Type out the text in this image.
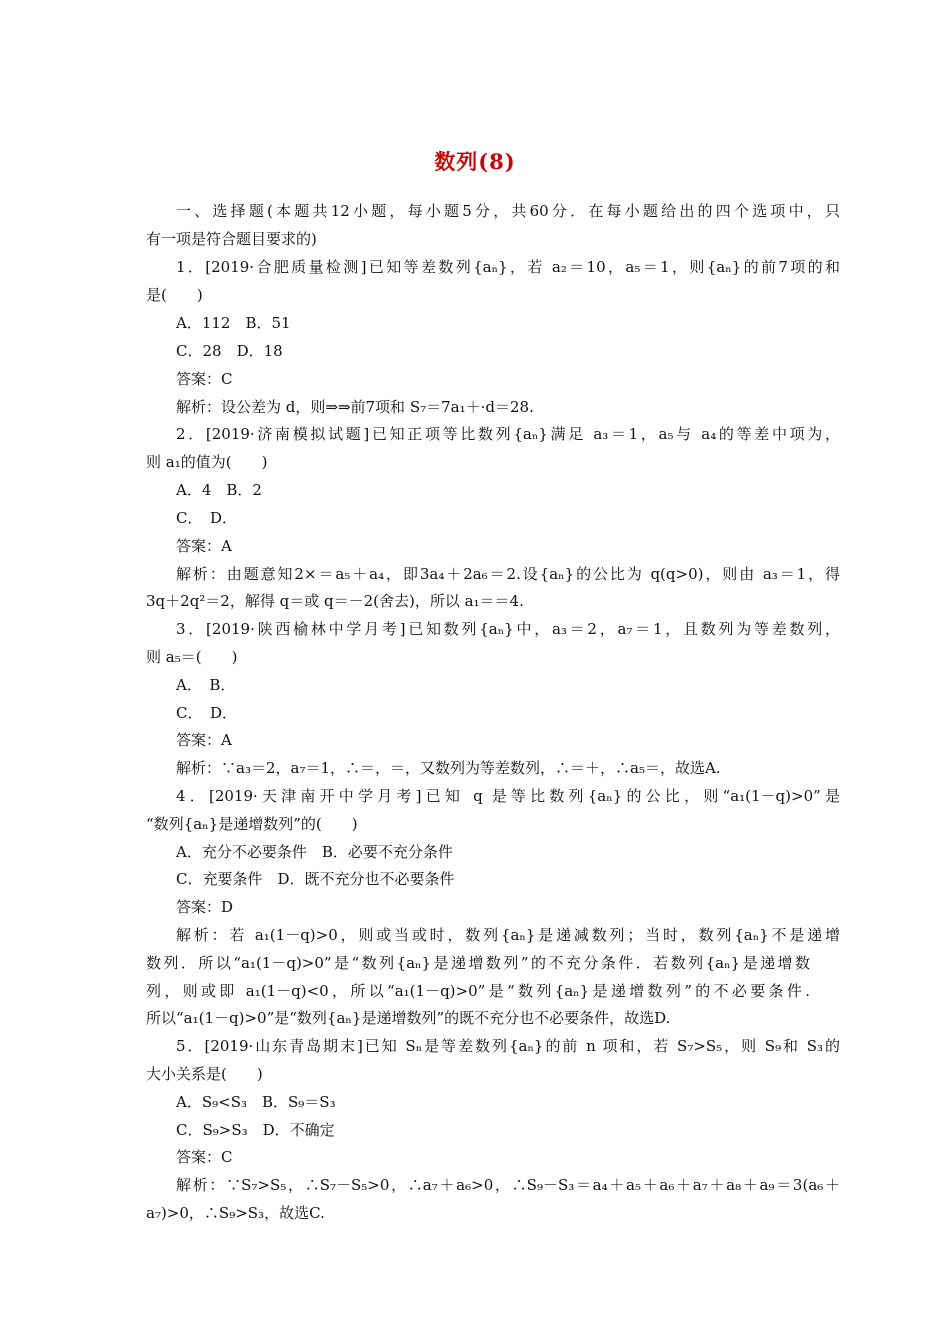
数列(8)
一、选择题(本题共12小题，每小题5分，共60分．在每小题给出的四个选项中，只
有一项是符合题目要求的)
1．[2019·合肥质量检测]已知等差数列{aₙ}，若 a₂＝10，a₅＝1，则{aₙ}的前7项的和
是(　　)
A．112　B．51
C．28　D．18
答案：C
解析：设公差为 d，则⇒⇒前7项和 S₇＝7a₁＋·d＝28.
2．[2019·济南模拟试题]已知正项等比数列{aₙ}满足 a₃＝1，a₅与 a₄的等差中项为，
则 a₁的值为(　　)
A．4　B．2
C．　D．
答案：A
解析：由题意知2×＝a₅＋a₄，即3a₄＋2a₆＝2.设{aₙ}的公比为 q(q>0)，则由 a₃＝1，得
3q＋2q²＝2，解得 q＝或 q＝－2(舍去)，所以 a₁＝＝4.
3．[2019·陕西榆林中学月考]已知数列{aₙ}中，a₃＝2，a₇＝1，且数列为等差数列，
则 a₅＝(　　)
A．　B．
C．　D．
答案：A
解析：∵a₃＝2，a₇＝1，∴＝，＝，又数列为等差数列，∴＝＋，∴a₅＝，故选A.
4．[2019·天津南开中学月考]已知 q 是等比数列{aₙ}的公比，则“a₁(1－q)>0”是
“数列{aₙ}是递增数列”的(　　)
A．充分不必要条件　B．必要不充分条件
C．充要条件　D．既不充分也不必要条件
答案：D
解析：若 a₁(1－q)>0，则或当或时，数列{aₙ}是递减数列；当时，数列{aₙ}不是递增
数列．所以“a₁(1－q)>0”是“数列{aₙ}是递增数列”的不充分条件．若数列{aₙ}是递增数
列，则或即 a₁(1－q)<0，所以“a₁(1－q)>0”是“数列{aₙ}是递增数列”的不必要条件.
所以“a₁(1－q)>0”是“数列{aₙ}是递增数列”的既不充分也不必要条件，故选D.
5．[2019·山东青岛期末]已知 Sₙ是等差数列{aₙ}的前 n 项和，若 S₇>S₅，则 S₉和 S₃的
大小关系是(　　)
A．S₉<S₃　B．S₉＝S₃
C．S₉>S₃　D．不确定
答案：C
解析：∵S₇>S₅，∴S₇－S₅>0，∴a₇＋a₆>0，∴S₉－S₃＝a₄＋a₅＋a₆＋a₇＋a₈＋a₉＝3(a₆＋
a₇)>0，∴S₉>S₃，故选C.
